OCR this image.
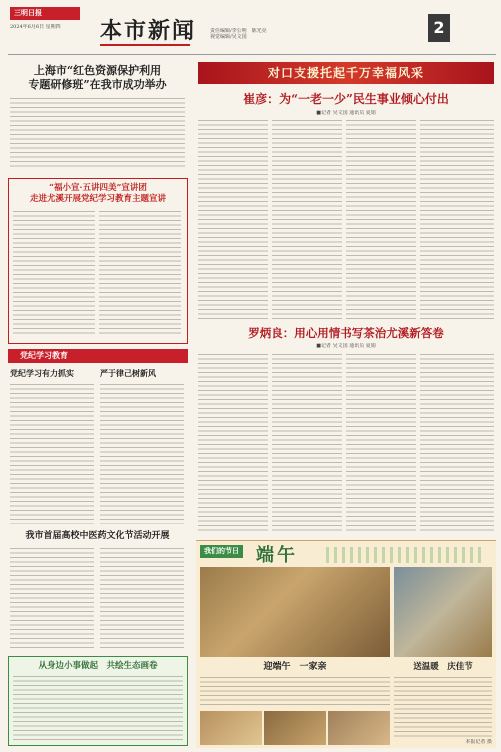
三明日报
2024年6月6日 星期四	本市新闻	责任编辑/李公明　陈光亮
视觉编辑/吴文国
2
上海市“红色资源保护利用
专题研修班”在我市成功举办
“福小宣·五讲四美”宣讲团
走进尤溪开展党纪学习教育主题宣讲
党纪学习教育
党纪学习有力抓实	严于律己树新风
我市首届高校中医药文化节活动开展
从身边小事做起　共绘生态画卷
对口支援托起千万幸福风采
崔彦：为“一老一少”民生事业倾心付出
■记者 吴文国 通讯员 夏娟
罗炳良：用心用情书写茶治尤溪新答卷
■记者 吴文国 通讯员 夏娟
我们的节日 端午
迎端午　一家亲	送温暖　庆佳节
本报记者 摄
